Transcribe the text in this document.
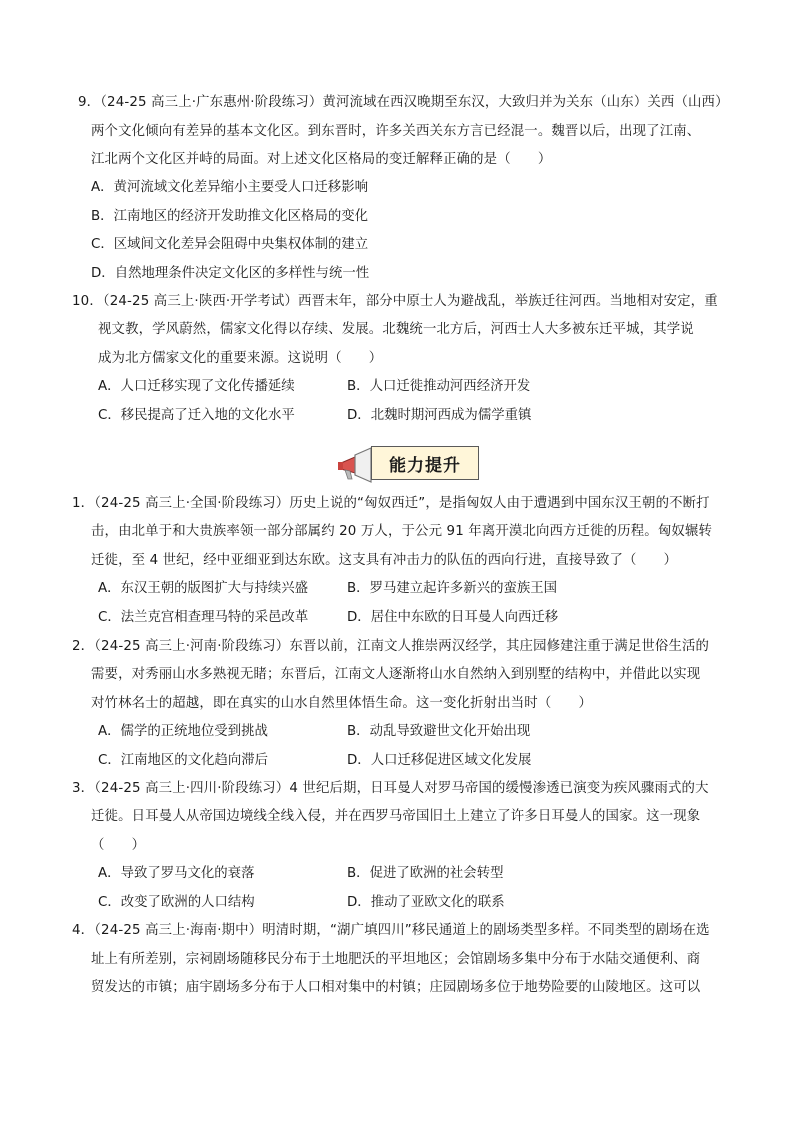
9．（24-25 高三上·广东惠州·阶段练习）黄河流域在西汉晚期至东汉，大致归并为关东（山东）关西（山西）
两个文化倾向有差异的基本文化区。到东晋时，许多关西关东方言已经混一。魏晋以后，出现了江南、
江北两个文化区并峙的局面。对上述文化区格局的变迁解释正确的是（　　）
A．黄河流域文化差异缩小主要受人口迁移影响
B．江南地区的经济开发助推文化区格局的变化
C．区域间文化差异会阻碍中央集权体制的建立
D．自然地理条件决定文化区的多样性与统一性
10．（24-25 高三上·陕西·开学考试）西晋末年，部分中原士人为避战乱，举族迁往河西。当地相对安定，重
视文教，学风蔚然，儒家文化得以存续、发展。北魏统一北方后，河西士人大多被东迁平城，其学说
成为北方儒家文化的重要来源。这说明（　　）
A．人口迁移实现了文化传播延续	B．人口迁徙推动河西经济开发
C．移民提高了迁入地的文化水平	D．北魏时期河西成为儒学重镇
能力提升
1．（24-25 高三上·全国·阶段练习）历史上说的“匈奴西迁”，是指匈奴人由于遭遇到中国东汉王朝的不断打
击，由北单于和大贵族率领一部分部属约 20 万人，于公元 91 年离开漠北向西方迁徙的历程。匈奴辗转
迁徙，至 4 世纪，经中亚细亚到达东欧。这支具有冲击力的队伍的西向行进，直接导致了（　　）
A．东汉王朝的版图扩大与持续兴盛	B．罗马建立起许多新兴的蛮族王国
C．法兰克宫相查理马特的采邑改革	D．居住中东欧的日耳曼人向西迁移
2．（24-25 高三上·河南·阶段练习）东晋以前，江南文人推崇两汉经学，其庄园修建注重于满足世俗生活的
需要，对秀丽山水多熟视无睹；东晋后，江南文人逐渐将山水自然纳入到别墅的结构中，并借此以实现
对竹林名士的超越，即在真实的山水自然里体悟生命。这一变化折射出当时（　　）
A．儒学的正统地位受到挑战	B．动乱导致避世文化开始出现
C．江南地区的文化趋向滞后	D．人口迁移促进区域文化发展
3．（24-25 高三上·四川·阶段练习）4 世纪后期，日耳曼人对罗马帝国的缓慢渗透已演变为疾风骤雨式的大
迁徙。日耳曼人从帝国边境线全线入侵，并在西罗马帝国旧土上建立了许多日耳曼人的国家。这一现象
（　　）
A．导致了罗马文化的衰落	B．促进了欧洲的社会转型
C．改变了欧洲的人口结构	D．推动了亚欧文化的联系
4．（24-25 高三上·海南·期中）明清时期，“湖广填四川”移民通道上的剧场类型多样。不同类型的剧场在选
址上有所差别，宗祠剧场随移民分布于土地肥沃的平坦地区；会馆剧场多集中分布于水陆交通便利、商
贸发达的市镇；庙宇剧场多分布于人口相对集中的村镇；庄园剧场多位于地势险要的山陵地区。这可以
